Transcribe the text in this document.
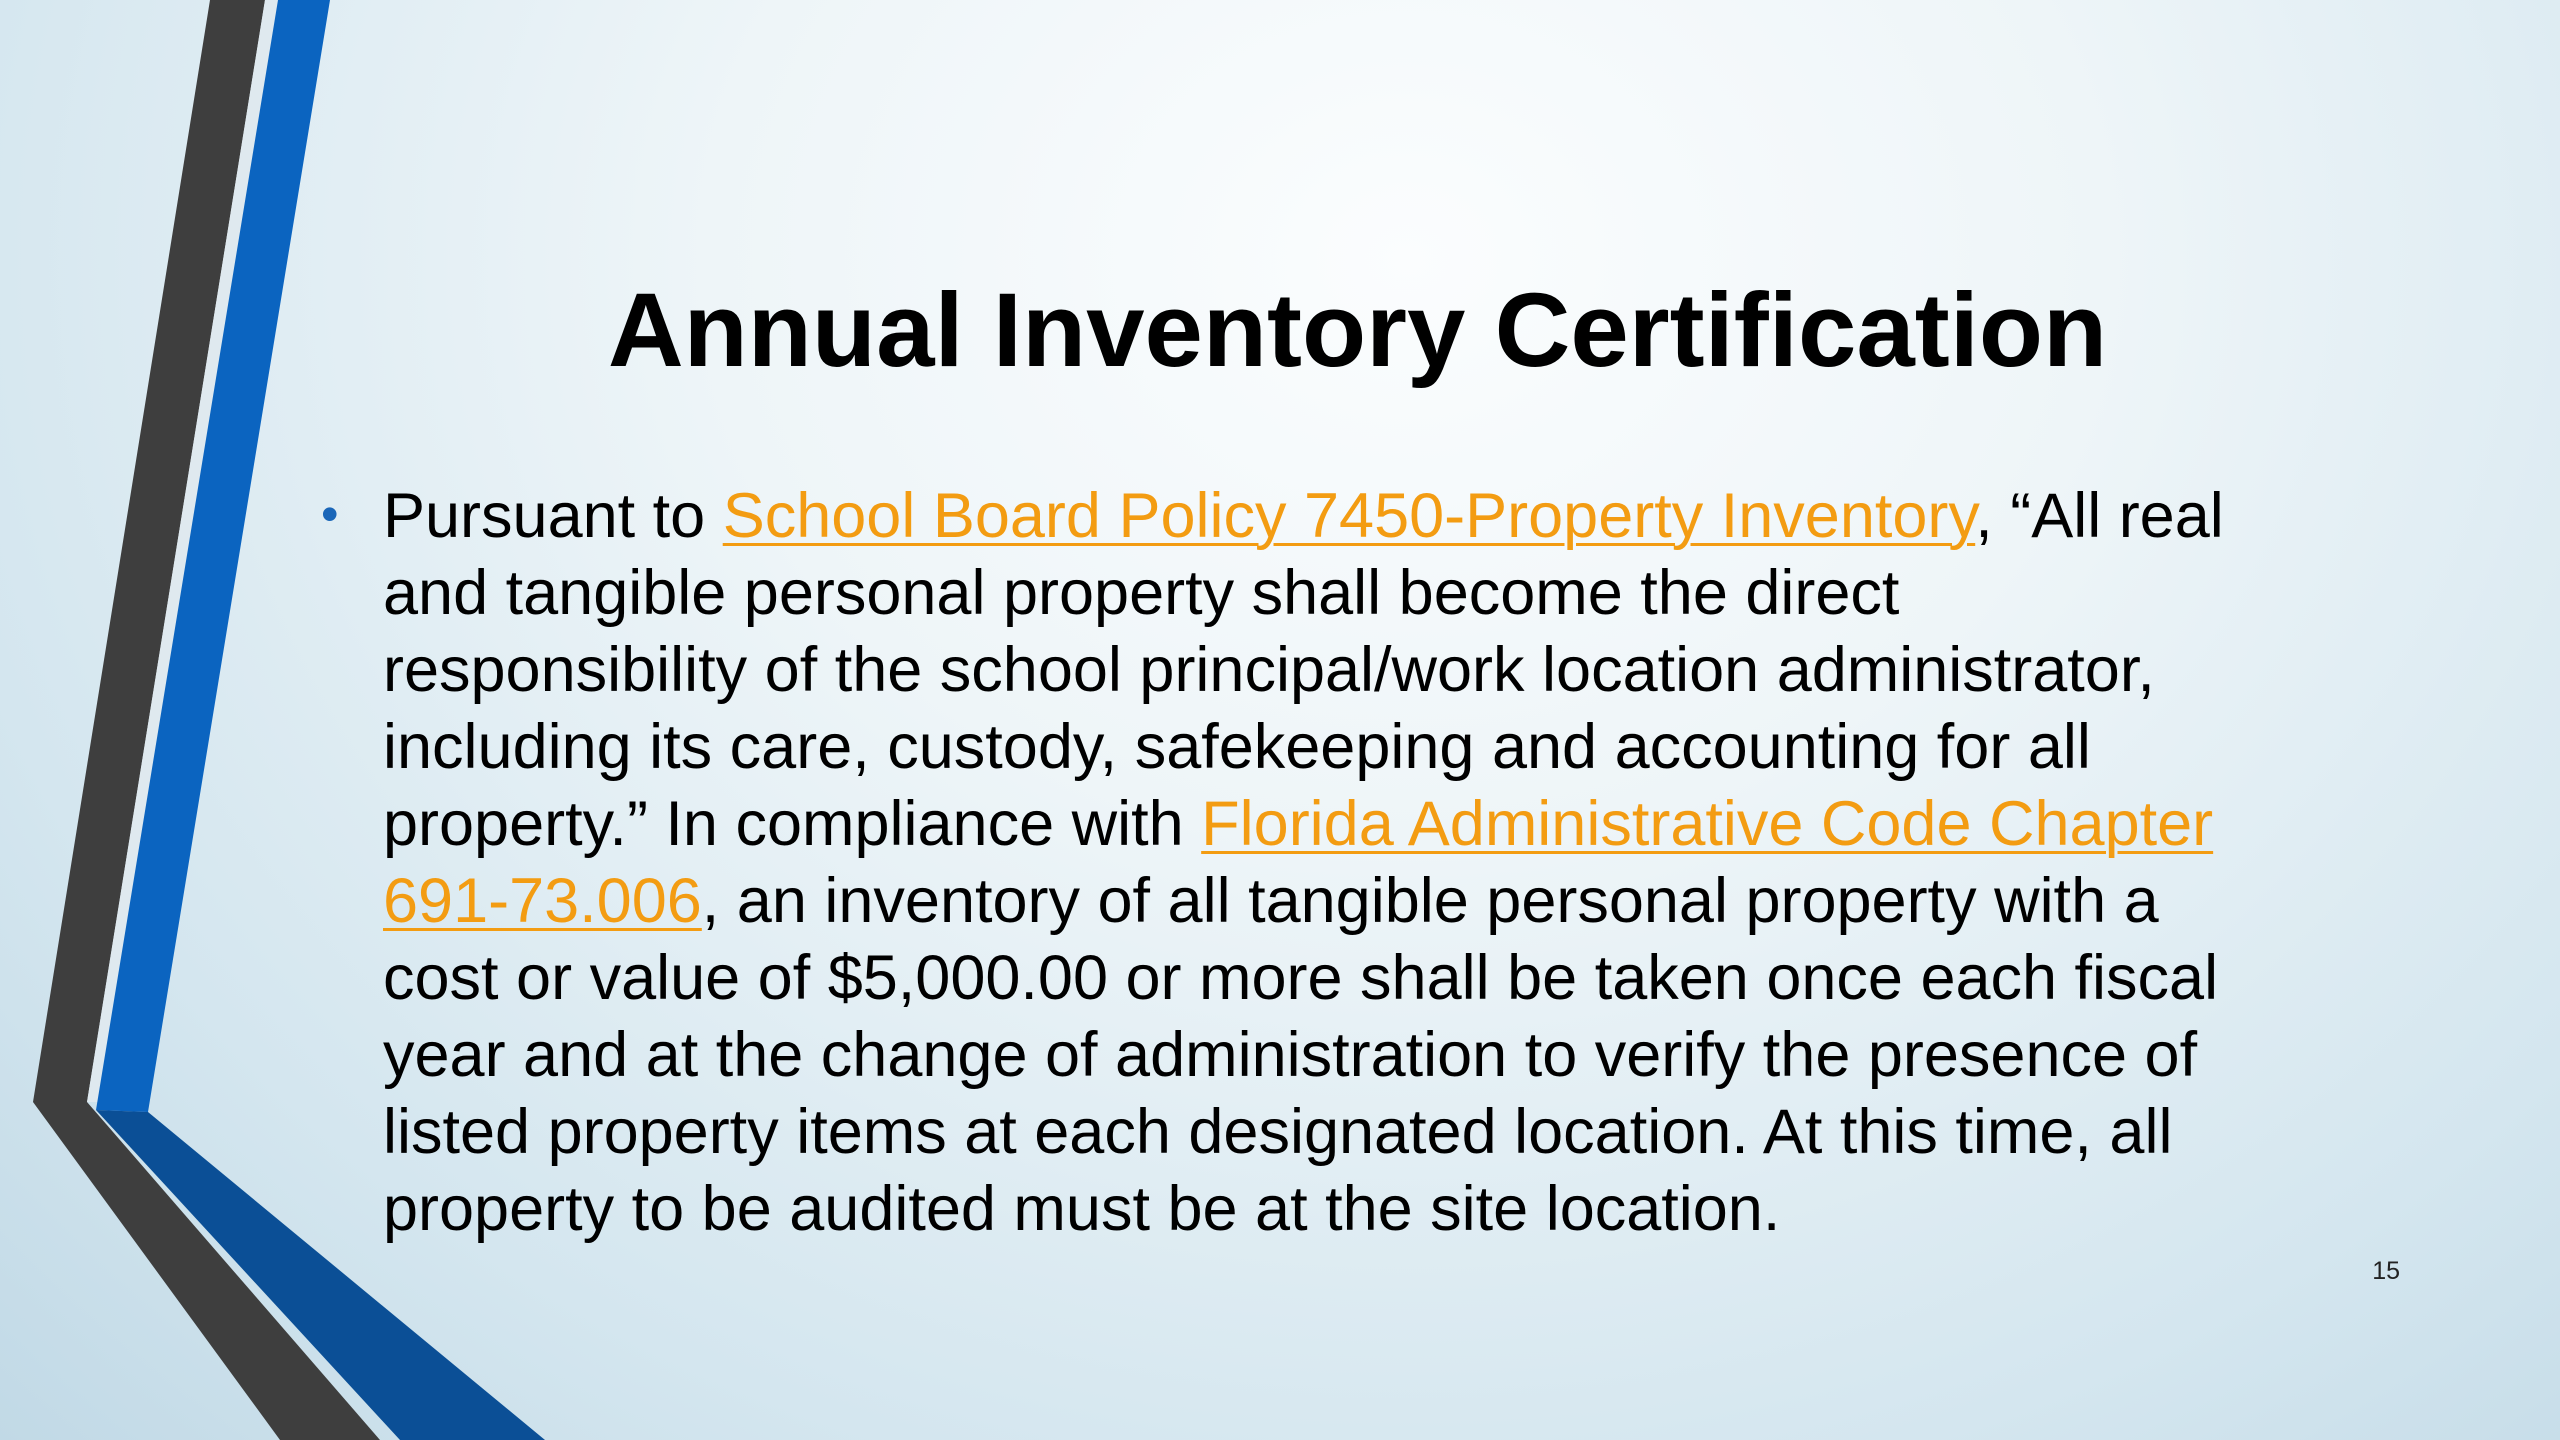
Annual Inventory Certification
• Pursuant to School Board Policy 7450-Property Inventory, “All real and tangible personal property shall become the direct responsibility of the school principal/work location administrator, including its care, custody, safekeeping and accounting for all property.” In compliance with Florida Administrative Code Chapter 691-73.006, an inventory of all tangible personal property with a cost or value of $5,000.00 or more shall be taken once each fiscal year and at the change of administration to verify the presence of listed property items at each designated location. At this time, all property to be audited must be at the site location.
15
